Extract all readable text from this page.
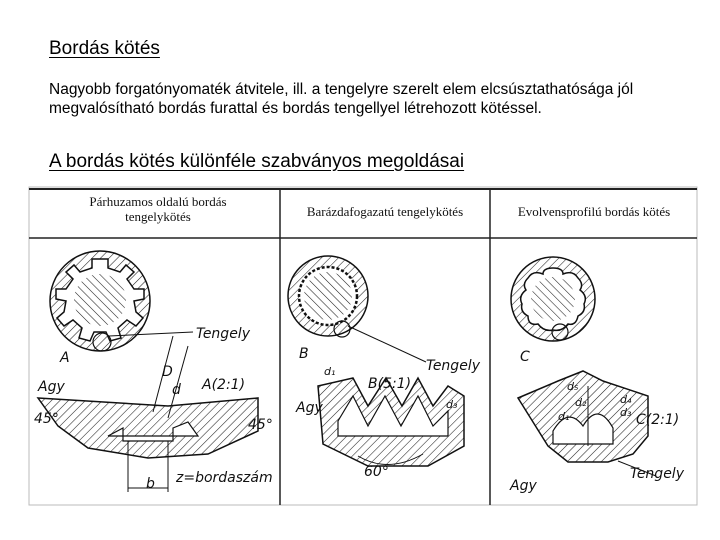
Bordás kötés
Nagyobb forgatónyomaték átvitele, ill. a tengelyre szerelt elem elcsúsztathatósága jól megvalósítható bordás furattal és bordás tengellyel létrehozott kötéssel.
A bordás kötés különféle szabványos megoldásai
A
Tengely
Agy	A(2:1)
D
d
45°	45°
b z=bordaszám
B
d₁	Tengely
B(5:1)
Agy	d₃
60°
C
d₅
d₂
d₁
d₄
d₃ C(2:1)
Tengely
Agy
Párhuzamos oldalú bordás tengelykötés	Barázdafogazatú tengelykötés	Evolvensprofilú bordás kötés
